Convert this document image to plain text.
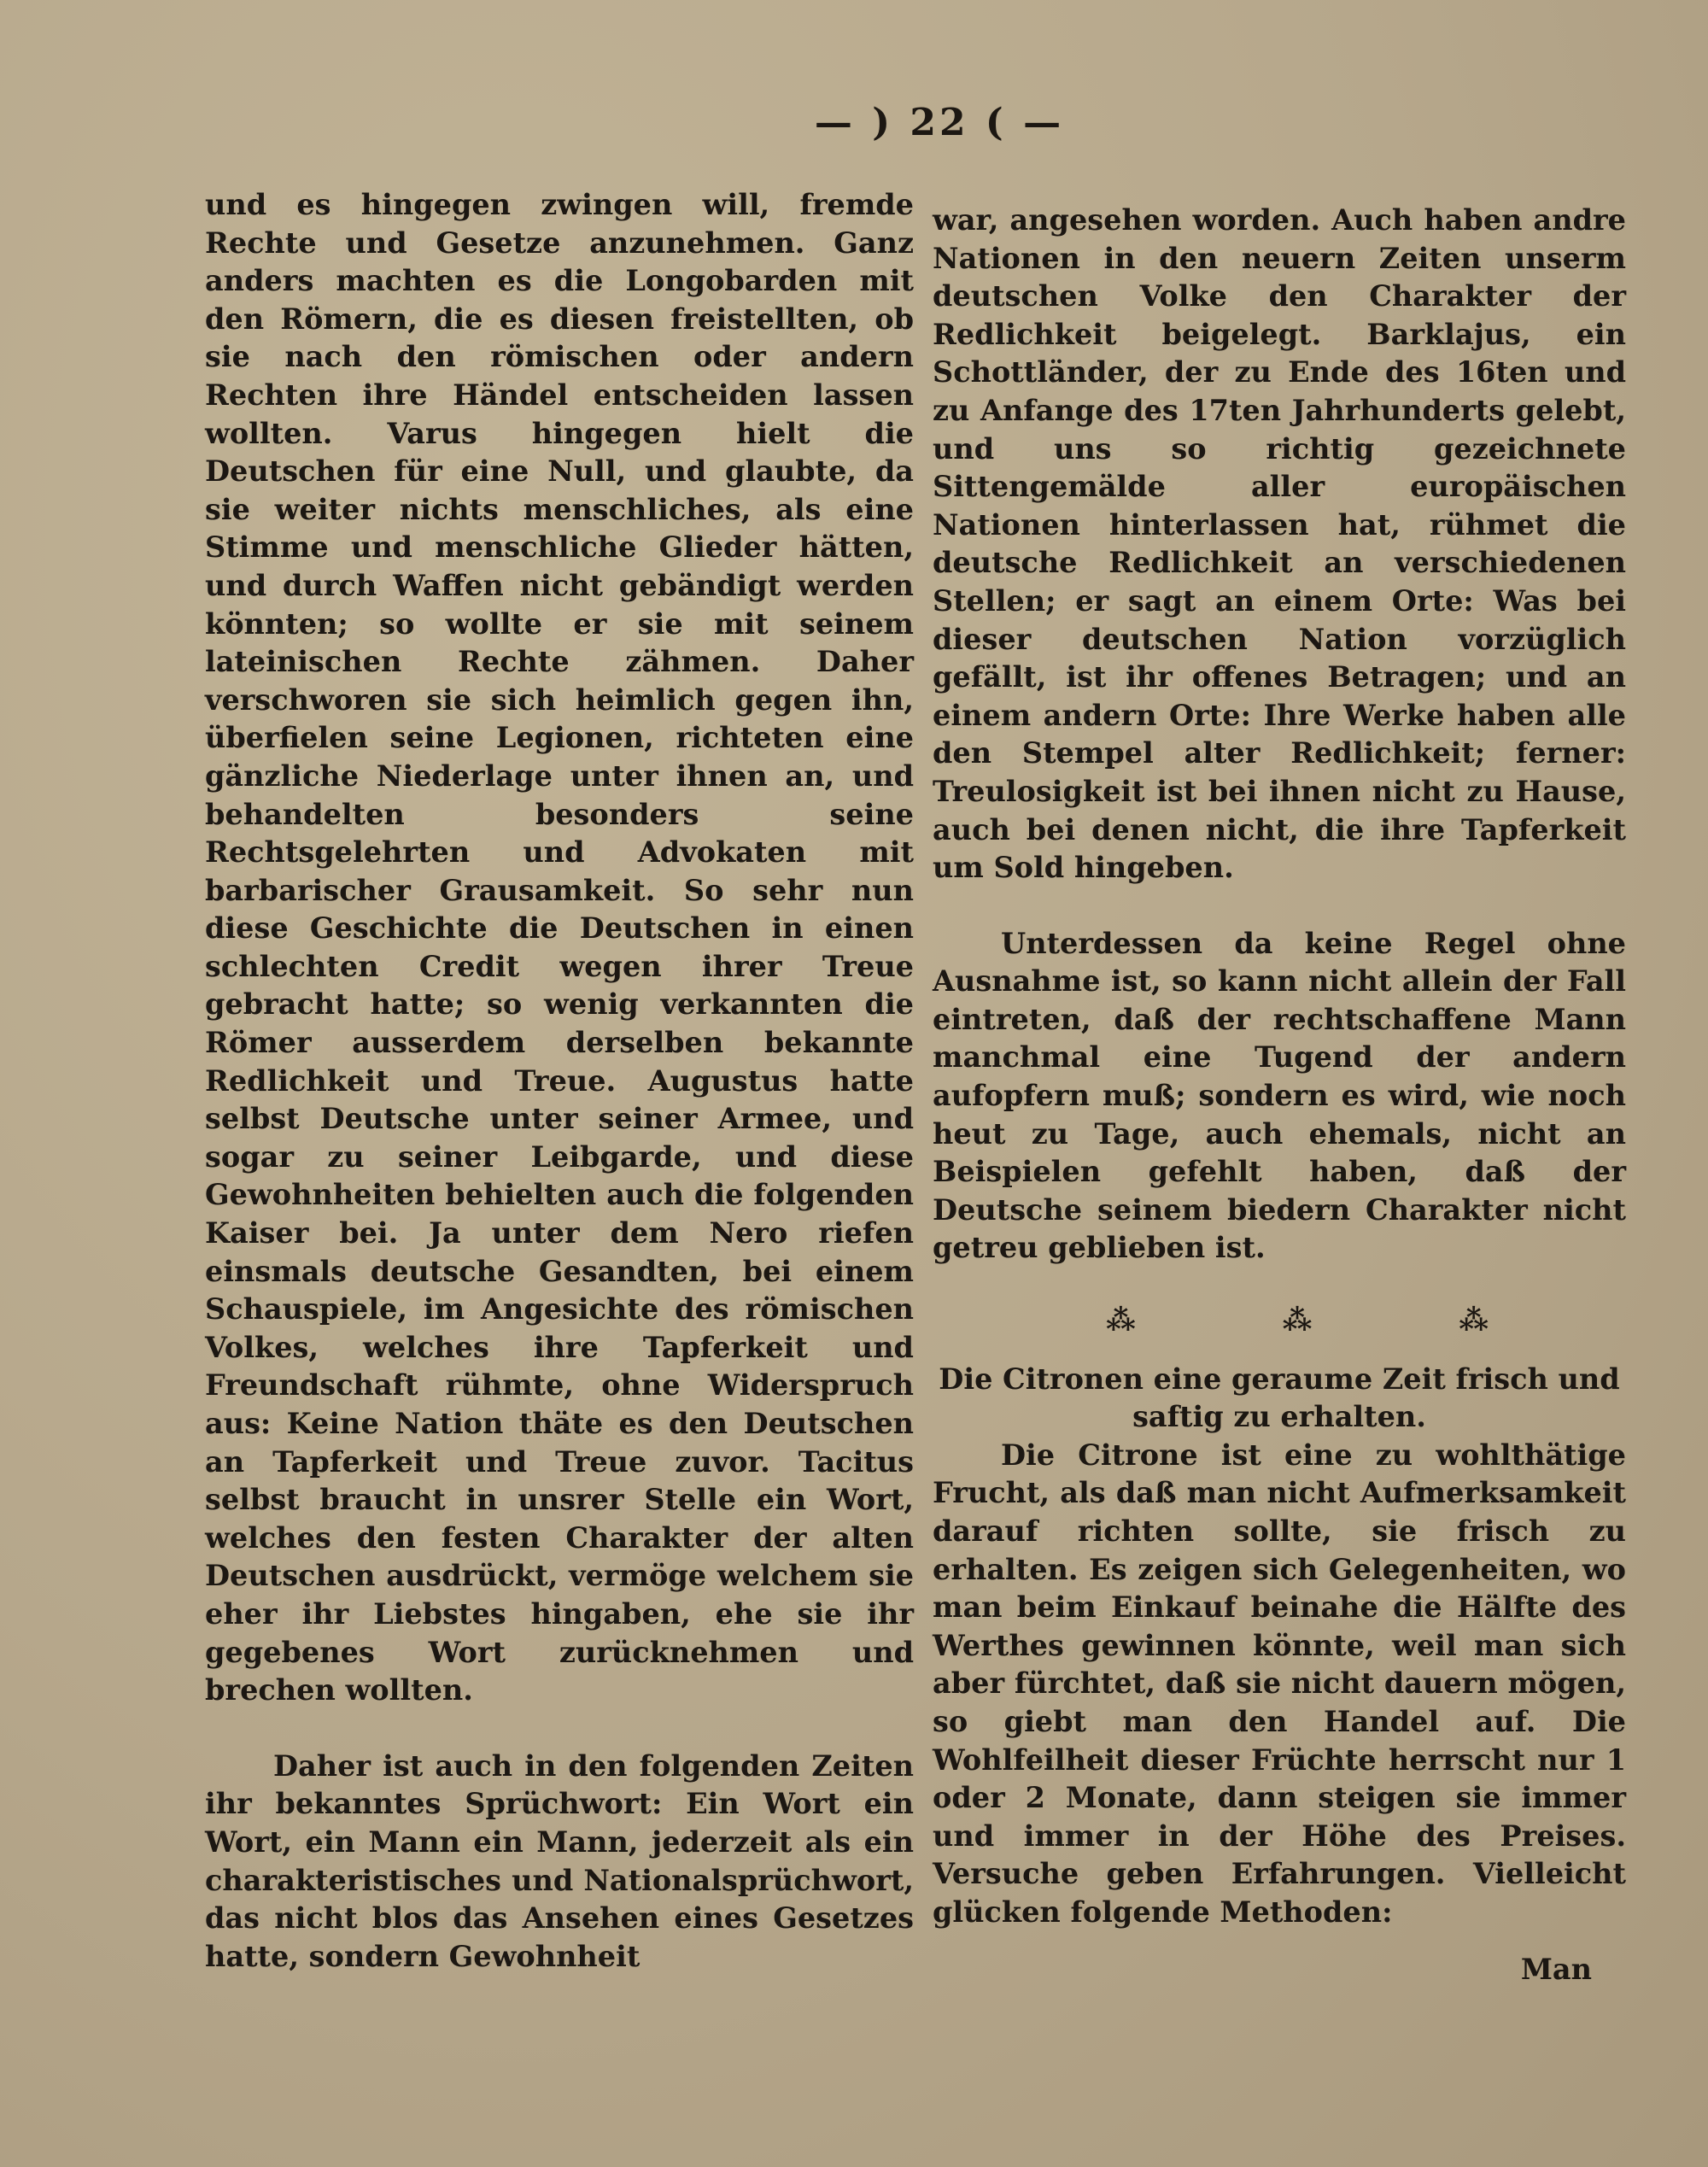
— ) 22 ( —

und es hingegen zwingen will, fremde Rechte und Gesetze anzunehmen. Ganz anders machten es die Longobarden mit den Römern, die es diesen freistellten, ob sie nach den römischen oder andern Rechten ihre Händel entscheiden lassen wollten. Varus hingegen hielt die Deutschen für eine Null, und glaubte, da sie weiter nichts menschliches, als eine Stimme und menschliche Glieder hätten, und durch Waffen nicht gebändigt werden könnten; so wollte er sie mit seinem lateinischen Rechte zähmen. Daher verschworen sie sich heimlich gegen ihn, überfielen seine Legionen, richteten eine gänzliche Niederlage unter ihnen an, und behandelten besonders seine Rechtsgelehrten und Advokaten mit barbarischer Grausamkeit. So sehr nun diese Geschichte die Deutschen in einen schlechten Credit wegen ihrer Treue gebracht hatte; so wenig verkannten die Römer ausserdem derselben bekannte Redlichkeit und Treue. Augustus hatte selbst Deutsche unter seiner Armee, und sogar zu seiner Leibgarde, und diese Gewohnheiten behielten auch die folgenden Kaiser bei. Ja unter dem Nero riefen einsmals deutsche Gesandten, bei einem Schauspiele, im Angesichte des römischen Volkes, welches ihre Tapferkeit und Freundschaft rühmte, ohne Widerspruch aus: Keine Nation thäte es den Deutschen an Tapferkeit und Treue zuvor. Tacitus selbst braucht in unsrer Stelle ein Wort, welches den festen Charakter der alten Deutschen ausdrückt, vermöge welchem sie eher ihr Liebstes hingaben, ehe sie ihr gegebenes Wort zurücknehmen und brechen wollten.

Daher ist auch in den folgenden Zeiten ihr bekanntes Sprüchwort: Ein Wort ein Wort, ein Mann ein Mann, jederzeit als ein charakteristisches und Nationalsprüchwort, das nicht blos das Ansehen eines Gesetzes hatte, sondern Gewohnheit

war, angesehen worden. Auch haben andre Nationen in den neuern Zeiten unserm deutschen Volke den Charakter der Redlichkeit beigelegt. Barklajus, ein Schottländer, der zu Ende des 16ten und zu Anfange des 17ten Jahrhunderts gelebt, und uns so richtig gezeichnete Sittengemälde aller europäischen Nationen hinterlassen hat, rühmet die deutsche Redlichkeit an verschiedenen Stellen; er sagt an einem Orte: Was bei dieser deutschen Nation vorzüglich gefällt, ist ihr offenes Betragen; und an einem andern Orte: Ihre Werke haben alle den Stempel alter Redlichkeit; ferner: Treulosigkeit ist bei ihnen nicht zu Hause, auch bei denen nicht, die ihre Tapferkeit um Sold hingeben.

Unterdessen da keine Regel ohne Ausnahme ist, so kann nicht allein der Fall eintreten, daß der rechtschaffene Mann manchmal eine Tugend der andern aufopfern muß; sondern es wird, wie noch heut zu Tage, auch ehemals, nicht an Beispielen gefehlt haben, daß der Deutsche seinem biedern Charakter nicht getreu geblieben ist.

⁂	⁂	⁂

Die Citronen eine geraume Zeit frisch und saftig zu erhalten.

Die Citrone ist eine zu wohlthätige Frucht, als daß man nicht Aufmerksamkeit darauf richten sollte, sie frisch zu erhalten. Es zeigen sich Gelegenheiten, wo man beim Einkauf beinahe die Hälfte des Werthes gewinnen könnte, weil man sich aber fürchtet, daß sie nicht dauern mögen, so giebt man den Handel auf. Die Wohlfeilheit dieser Früchte herrscht nur 1 oder 2 Monate, dann steigen sie immer und immer in der Höhe des Preises. Versuche geben Erfahrungen. Vielleicht glücken folgende Methoden:

Man
